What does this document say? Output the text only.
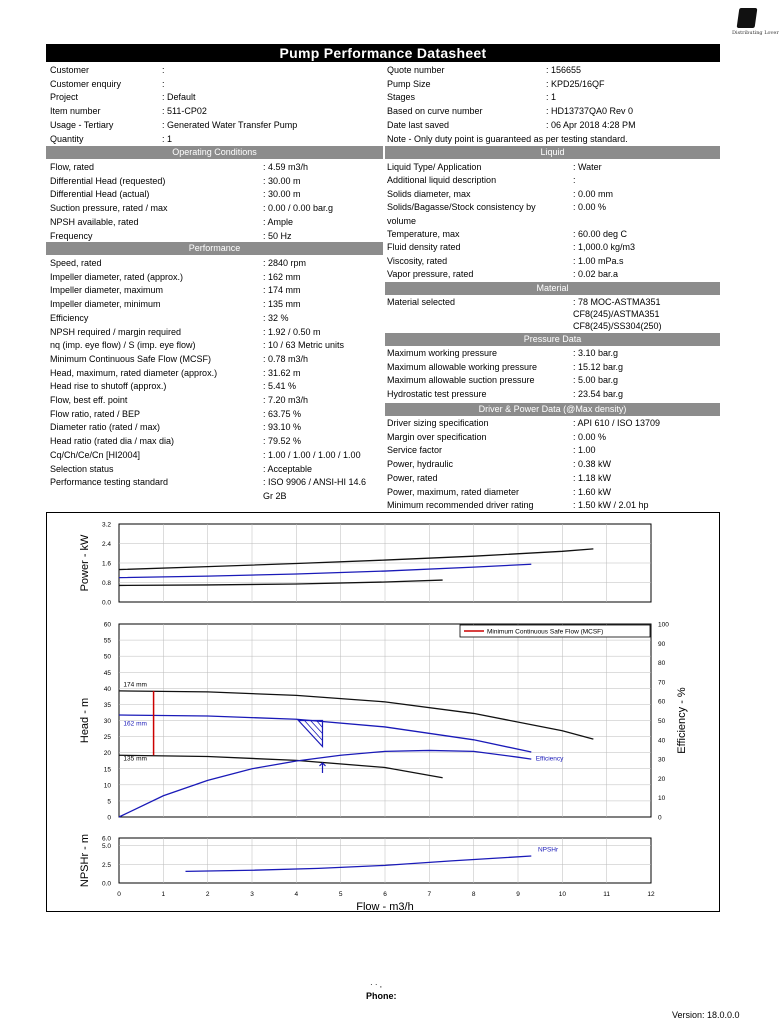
Distributing Lover
Pump Performance Datasheet
Customer	:
Customer enquiry	:
Project	: Default
Item number	: 511-CP02
Usage - Tertiary	: Generated Water Transfer Pump
Quantity	: 1
Quote number	: 156655
Pump Size	: KPD25/16QF
Stages	: 1
Based on curve number	: HD13737QA0 Rev 0
Date last saved	: 06 Apr 2018 4:28 PM
Note - Only duty point is guaranteed as per testing standard.
Operating Conditions
Flow, rated	: 4.59 m3/h
Differential Head (requested)	: 30.00 m
Differential Head (actual)	: 30.00 m
Suction pressure, rated / max	: 0.00 / 0.00 bar.g
NPSH available, rated	: Ample
Frequency	: 50 Hz
Performance
Speed, rated	: 2840 rpm
Impeller diameter, rated (approx.)	: 162 mm
Impeller diameter, maximum	: 174 mm
Impeller diameter, minimum	: 135 mm
Efficiency	: 32 %
NPSH required / margin required	: 1.92 / 0.50 m
nq (imp. eye flow) / S (imp. eye flow)	: 10 / 63 Metric units
Minimum Continuous Safe Flow (MCSF)	: 0.78 m3/h
Head, maximum, rated diameter (approx.)	: 31.62 m
Head rise to shutoff (approx.)	: 5.41 %
Flow, best eff. point	: 7.20 m3/h
Flow ratio, rated / BEP	: 63.75 %
Diameter ratio (rated / max)	: 93.10 %
Head ratio (rated dia / max dia)	: 79.52 %
Cq/Ch/Ce/Cn [HI2004]	: 1.00 / 1.00 / 1.00 / 1.00
Selection status	: Acceptable
Performance testing standard	: ISO 9906 / ANSI-HI 14.6
Gr 2B
Liquid
Liquid Type/ Application	: Water
Additional liquid description	:
Solids diameter, max	: 0.00 mm
Solids/Bagasse/Stock consistency by	: 0.00 %
volume
Temperature, max	: 60.00 deg C
Fluid density rated	: 1,000.0 kg/m3
Viscosity, rated	: 1.00 mPa.s
Vapor pressure, rated	: 0.02 bar.a
Material
Material selected	: 78 MOC-ASTMA351
CF8(245)/ASTMA351
CF8(245)/SS304(250)
Pressure Data
Maximum working pressure	: 3.10 bar.g
Maximum allowable working pressure	: 15.12 bar.g
Maximum allowable suction pressure	: 5.00 bar.g
Hydrostatic test pressure	: 23.54 bar.g
Driver & Power Data (@Max density)
Driver sizing specification	: API 610 / ISO 13709
Margin over specification	: 0.00 %
Service factor	: 1.00
Power, hydraulic	: 0.38 kW
Power, rated	: 1.18 kW
Power, maximum, rated diameter	: 1.60 kW
Minimum recommended driver rating	: 1.50 kW / 2.01 hp
3.2
2.4
1.6
0.8
0.0
Power - kW
0
5
10
15
20
25
30
35
40
45
50
55
60
0
10
20
30
40
50
60
70
80
90
100
Head - m	Efficiency - %
174 mm
162 mm
135 mm	Efficiency
Minimum Continuous Safe Flow (MCSF)
6.0
5.0
2.5
0.0
NPSHr - m	NPSHr
0	1	2	3	4	5	6	7	8	9	10	11	12
Flow - m3/h
· · ,
Phone:
Version: 18.0.0.0
